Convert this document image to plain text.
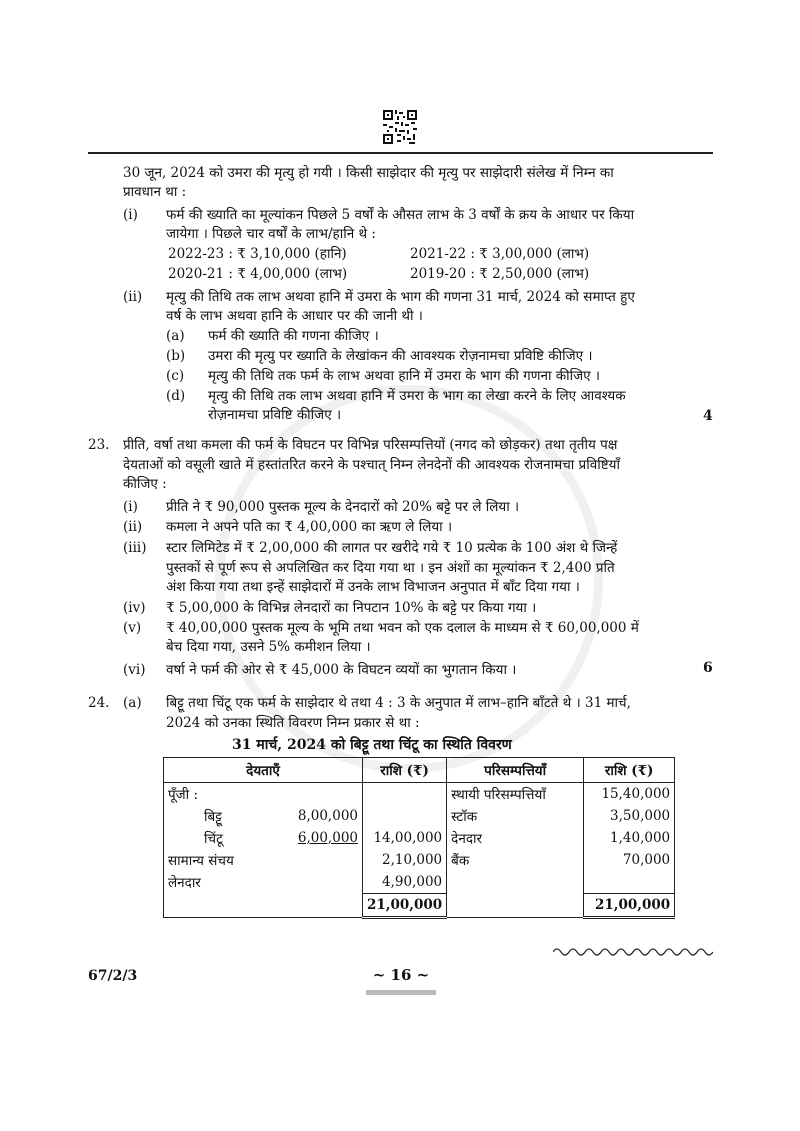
30 जून, 2024 को उमरा की मृत्यु हो गयी । किसी साझेदार की मृत्यु पर साझेदारी संलेख में निम्न का
प्रावधान था :
(i) फर्म की ख्याति का मूल्यांकन पिछले 5 वर्षों के औसत लाभ के 3 वर्षों के क्रय के आधार पर किया
जायेगा । पिछले चार वर्षों के लाभ/हानि थे :
2022-23 : ₹ 3,10,000 (हानि)	2021-22 : ₹ 3,00,000 (लाभ)
2020-21 : ₹ 4,00,000 (लाभ)	2019-20 : ₹ 2,50,000 (लाभ)
(ii) मृत्यु की तिथि तक लाभ अथवा हानि में उमरा के भाग की गणना 31 मार्च, 2024 को समाप्त हुए
वर्ष के लाभ अथवा हानि के आधार पर की जानी थी ।
(a) फर्म की ख्याति की गणना कीजिए ।
(b) उमरा की मृत्यु पर ख्याति के लेखांकन की आवश्यक रोज़नामचा प्रविष्टि कीजिए ।
(c) मृत्यु की तिथि तक फर्म के लाभ अथवा हानि में उमरा के भाग की गणना कीजिए ।
(d) मृत्यु की तिथि तक लाभ अथवा हानि में उमरा के भाग का लेखा करने के लिए आवश्यक
रोज़नामचा प्रविष्टि कीजिए ।	4
23. प्रीति, वर्षा तथा कमला की फर्म के विघटन पर विभिन्न परिसम्पत्तियों (नगद को छोड़कर) तथा तृतीय पक्ष
देयताओं को वसूली खाते में हस्तांतरित करने के पश्चात् निम्न लेनदेनों की आवश्यक रोजनामचा प्रविष्टियाँ
कीजिए :
(i) प्रीति ने ₹ 90,000 पुस्तक मूल्य के देनदारों को 20% बट्टे पर ले लिया ।
(ii) कमला ने अपने पति का ₹ 4,00,000 का ऋण ले लिया ।
(iii) स्टार लिमिटेड में ₹ 2,00,000 की लागत पर खरीदे गये ₹ 10 प्रत्येक के 100 अंश थे जिन्हें
पुस्तकों से पूर्ण रूप से अपलिखित कर दिया गया था । इन अंशों का मूल्यांकन ₹ 2,400 प्रति
अंश किया गया तथा इन्हें साझेदारों में उनके लाभ विभाजन अनुपात में बाँट दिया गया ।
(iv) ₹ 5,00,000 के विभिन्न लेनदारों का निपटान 10% के बट्टे पर किया गया ।
(v) ₹ 40,00,000 पुस्तक मूल्य के भूमि तथा भवन को एक दलाल के माध्यम से ₹ 60,00,000 में
बेच दिया गया, उसने 5% कमीशन लिया ।
(vi) वर्षा ने फर्म की ओर से ₹ 45,000 के विघटन व्ययों का भुगतान किया ।	6
24. (a) बिट्टू तथा चिंटू एक फर्म के साझेदार थे तथा 4 : 3 के अनुपात में लाभ–हानि बाँटते थे । 31 मार्च,
2024 को उनका स्थिति विवरण निम्न प्रकार से था :
31 मार्च, 2024 को बिट्टू तथा चिंटू का स्थिति विवरण
देयताएँ		राशि (₹)	परिसम्पत्तियाँ	राशि (₹)
पूँजी :			स्थायी परिसम्पत्तियाँ	15,40,000
बिट्टू	8,00,000		स्टॉक	3,50,000
चिंटू	6,00,000	14,00,000	देनदार	1,40,000
सामान्य संचय		2,10,000	बैंक	70,000
लेनदार		4,90,000		
		21,00,000		21,00,000
67/2/3	~ 16 ~
